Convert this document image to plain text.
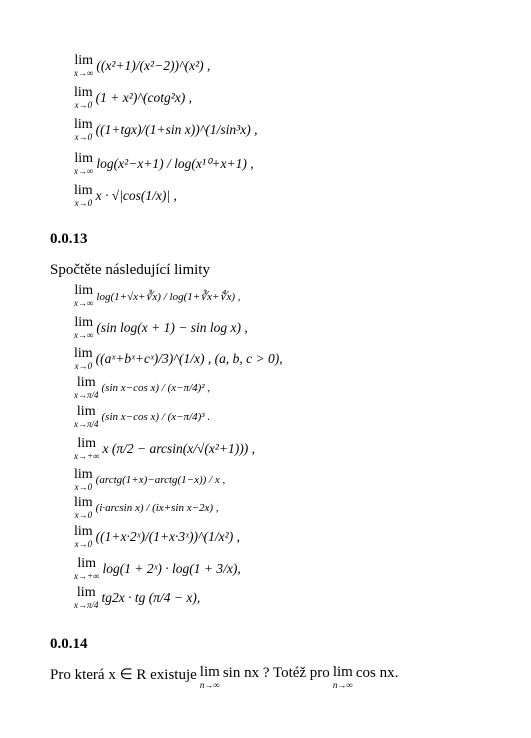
lim
x→∞ ((x²+1)/(x²−2))^(x²) ,
lim
x→0 (1 + x²)^(cotg²x) ,
lim
x→0 ((1+tgx)/(1+sin x))^(1/sin³x) ,
lim
x→∞ log(x²−x+1) / log(x¹⁰+x+1) ,
lim
x→0 x · √|cos(1/x)| ,
0.0.13
Spočtěte následující limity
lim
x→∞
log(1+√x+∛x) / log(1+∛x+∜x) ,
lim
x→∞ (sin log(x + 1) − sin log x) ,
lim
x→0 ((aˣ+bˣ+cˣ)/3)^(1/x) , (a, b, c > 0),
lim
x→π/4
(sin x−cos x) / (x−π/4)² ,
lim
x→π/4
(sin x−cos x) / (x−π/4)³ .
lim
x→+∞ x (π/2 − arcsin(x/√(x²+1))) ,
lim
x→0
(arctg(1+x)−arctg(1−x)) / x ,
lim
x→0
(i·arcsin x) / (ix+sin x−2x) ,
lim
x→0 ((1+x·2ˣ)/(1+x·3ˣ))^(1/x²) ,
lim
x→+∞ log(1 + 2ˣ) · log(1 + 3/x),
lim
x→π/4 tg2x · tg (π/4 − x),
0.0.14
Pro která x ∈ R existuje lim
n→∞
sin nx ? Totéž pro lim
n→∞
cos nx.
